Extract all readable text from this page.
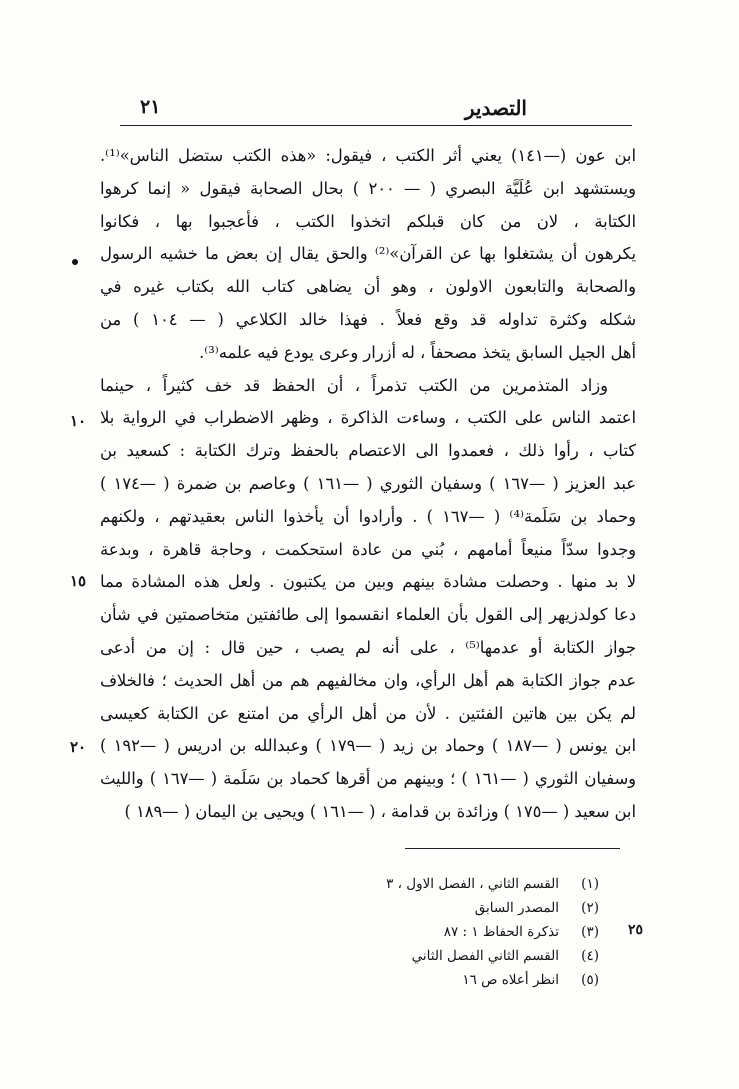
التصدير
٢١
ابن عون (—١٤١) يعني أثر الكتب ، فيقول: «هذه الكتب ستضل الناس»⁽¹⁾.
ويستشهد ابن عُلَيَّة البصري ( — ٢٠٠ ) بحال الصحابة فيقول « إنما كرهوا
الكتابة ، لان من كان قبلكم اتخذوا الكتب ، فأعجبوا بها ، فكانوا
يكرهون أن يشتغلوا بها عن القرآن»⁽²⁾ والحق يقال إن بعض ما خشيه الرسول
والصحابة والتابعون الاولون ، وهو أن يضاهى كتاب الله بكتاب غيره في
شكله وكثرة تداوله قد وقع فعلاً . فهذا خالد الكلاعي ( — ١٠٤ ) من
أهل الجيل السابق يتخذ مصحفاً ، له أزرار وعرى يودع فيه علمه⁽³⁾.
وزاد المتذمرين من الكتب تذمراً ، أن الحفظ قد خف كثيراً ، حينما
اعتمد الناس على الكتب ، وساءت الذاكرة ، وظهر الاضطراب في الرواية بلا
كتاب ، رأوا ذلك ، فعمدوا الى الاعتصام بالحفظ وترك الكتابة : كسعيد بن
عبد العزيز ( —١٦٧ ) وسفيان الثوري ( —١٦١ ) وعاصم بن ضمرة ( —١٧٤ )
وحماد بن سَلَمة⁽⁴⁾ ( —١٦٧ ) . وأرادوا أن يأخذوا الناس بعقيدتهم ، ولكنهم
وجدوا سدّاً منيعاً أمامهم ، بُني من عادة استحكمت ، وحاجة قاهرة ، وبدعة
لا بد منها . وحصلت مشادة بينهم وبين من يكتبون . ولعل هذه المشادة مما
دعا كولدزيهر إلى القول بأن العلماء انقسموا إلى طائفتين متخاصمتين في شأن
جواز الكتابة أو عدمها⁽⁵⁾ ، على أنه لم يصب ، حين قال : إن من أدعى
عدم جواز الكتابة هم أهل الرأي، وان مخالفيهم هم من أهل الحديث ؛ فالخلاف
لم يكن بين هاتين الفئتين . لأن من أهل الرأي من امتنع عن الكتابة كعيسى
ابن يونس ( —١٨٧ ) وحماد بن زيد ( —١٧٩ ) وعبدالله بن ادريس ( —١٩٢ )
وسفيان الثوري ( —١٦١ ) ؛ وبينهم من أقرها كحماد بن سَلَمة ( —١٦٧ ) والليث
ابن سعيد ( —١٧٥ ) وزائدة بن قدامة ، ( —١٦١ ) ويحيى بن اليمان ( —١٨٩ )
١٠
١٥
٢٠
(١)القسم الثاني ، الفصل الاول ، ٣
(٢)المصدر السابق
(٣)تذكرة الحفاظ ١ : ٨٧
(٤)القسم الثاني الفصل الثاني
(٥)انظر أعلاه ص ١٦
٢٥
